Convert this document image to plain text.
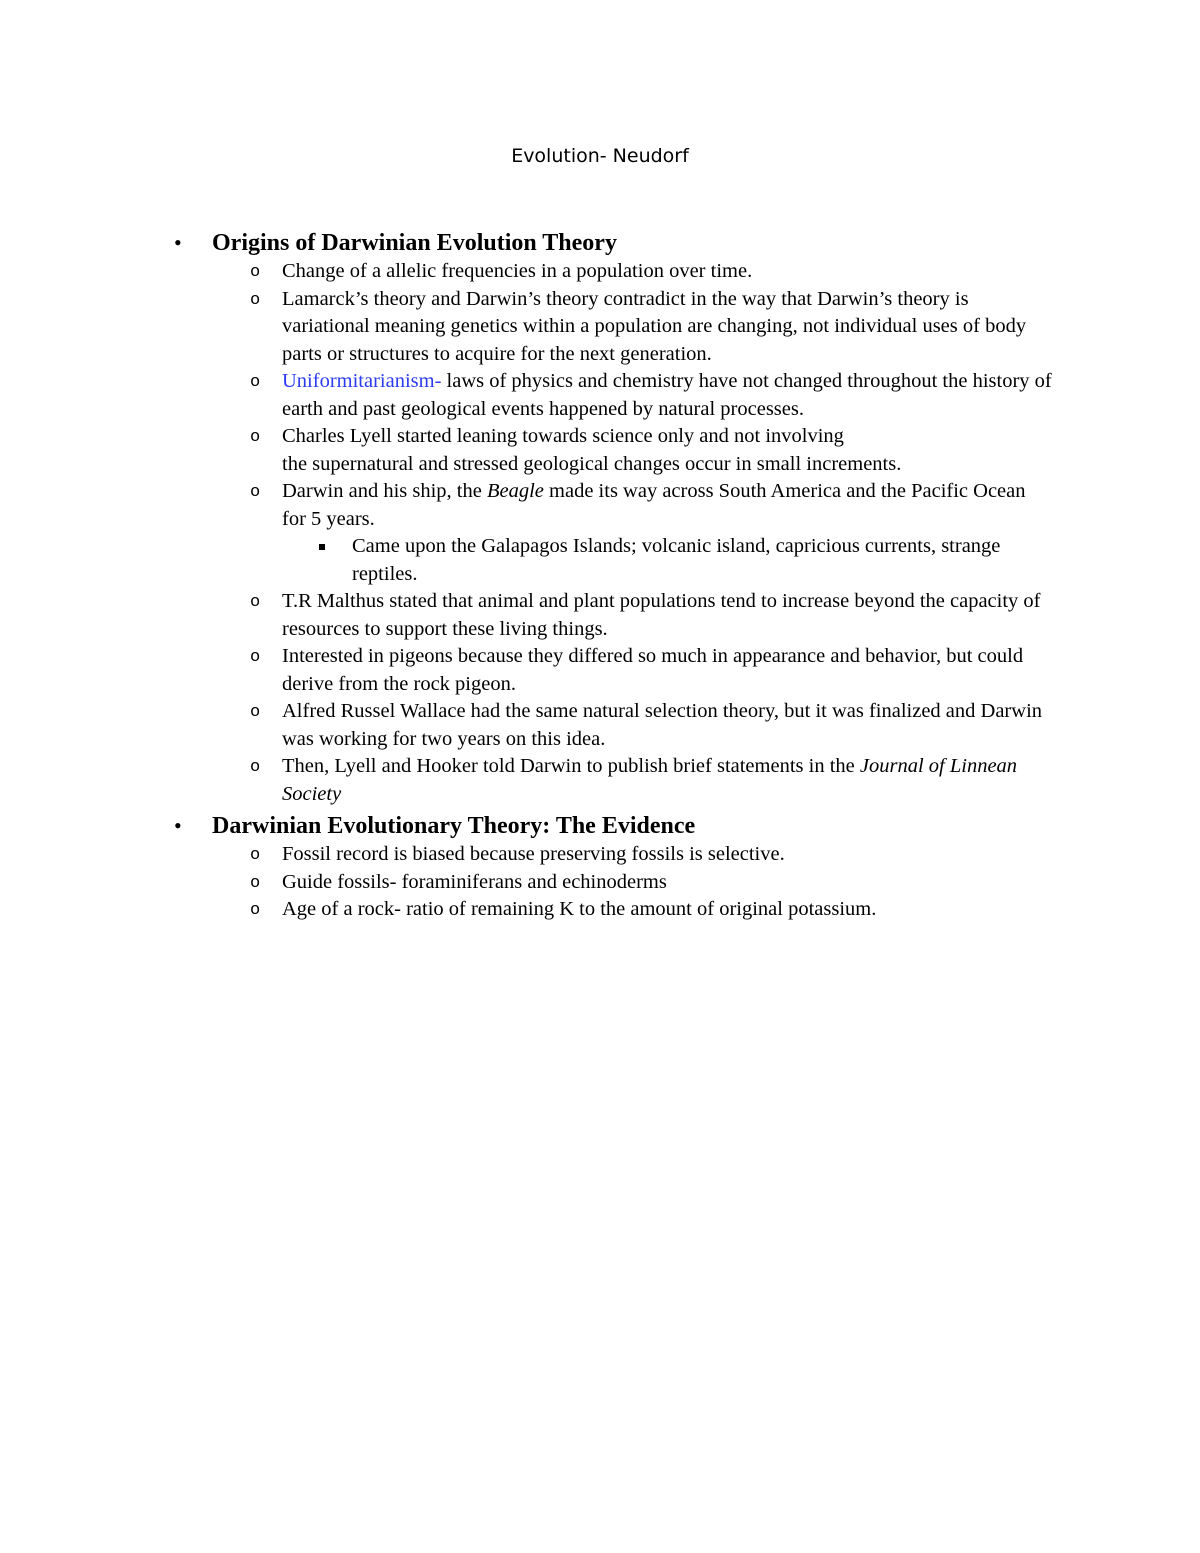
Evolution- Neudorf
• Origins of Darwinian Evolution Theory
o Change of a allelic frequencies in a population over time.
o Lamarck’s theory and Darwin’s theory contradict in the way that Darwin’s theory is variational meaning genetics within a population are changing, not individual uses of body parts or structures to acquire for the next generation.
o Uniformitarianism- laws of physics and chemistry have not changed throughout the history of earth and past geological events happened by natural processes.
o Charles Lyell started leaning towards science only and not involving
the supernatural and stressed geological changes occur in small increments.
o Darwin and his ship, the Beagle made its way across South America and the Pacific Ocean for 5 years.
Came upon the Galapagos Islands; volcanic island, capricious currents, strange reptiles.
o T.R Malthus stated that animal and plant populations tend to increase beyond the capacity of resources to support these living things.
o Interested in pigeons because they differed so much in appearance and behavior, but could derive from the rock pigeon.
o Alfred Russel Wallace had the same natural selection theory, but it was finalized and Darwin was working for two years on this idea.
o Then, Lyell and Hooker told Darwin to publish brief statements in the Journal of Linnean Society
• Darwinian Evolutionary Theory: The Evidence
o Fossil record is biased because preserving fossils is selective.
o Guide fossils- foraminiferans and echinoderms
o Age of a rock- ratio of remaining K to the amount of original potassium.
